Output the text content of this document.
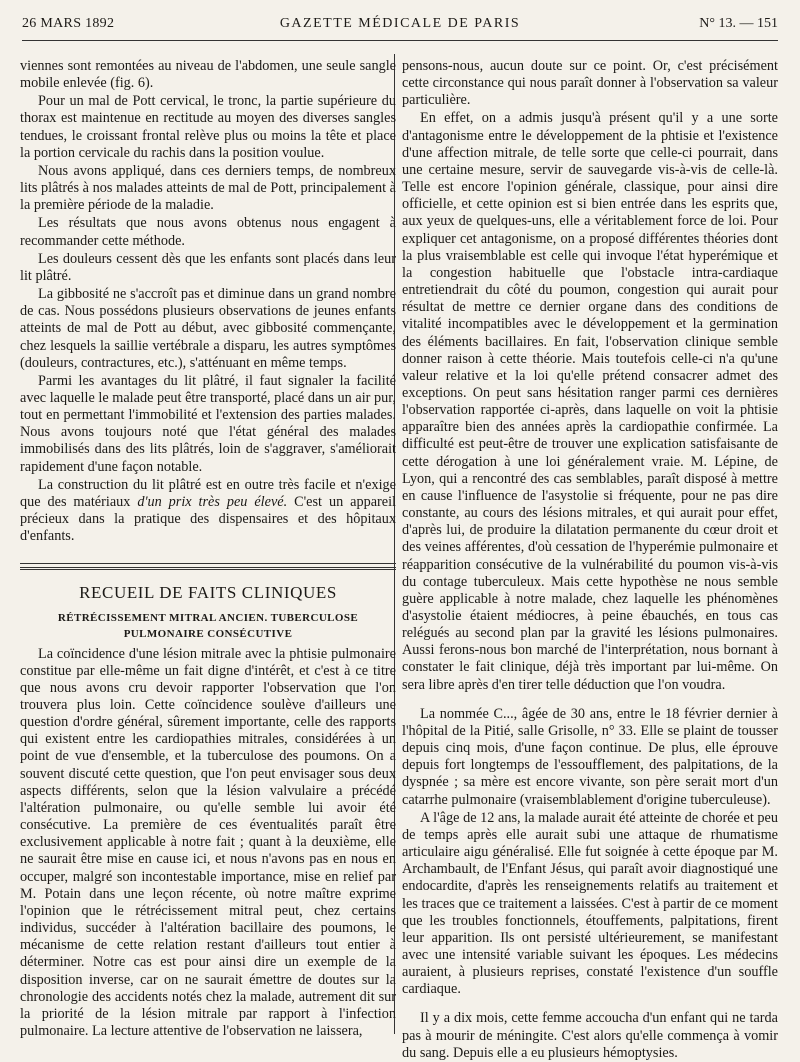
26 MARS 1892	GAZETTE MÉDICALE DE PARIS	N° 13. — 151

viennes sont remontées au niveau de l'abdomen, une seule sangle mobile enlevée (fig. 6).

Pour un mal de Pott cervical, le tronc, la partie supérieure du thorax est maintenue en rectitude au moyen des diverses sangles tendues, le croissant frontal relève plus ou moins la tête et place la portion cervicale du rachis dans la position voulue.

Nous avons appliqué, dans ces derniers temps, de nombreux lits plâtrés à nos malades atteints de mal de Pott, principalement à la première période de la maladie.

Les résultats que nous avons obtenus nous engagent à recommander cette méthode.

Les douleurs cessent dès que les enfants sont placés dans leur lit plâtré.

La gibbosité ne s'accroît pas et diminue dans un grand nombre de cas. Nous possédons plusieurs observations de jeunes enfants atteints de mal de Pott au début, avec gibbosité commençante, chez lesquels la saillie vertébrale a disparu, les autres symptômes (douleurs, contractures, etc.), s'atténuant en même temps.

Parmi les avantages du lit plâtré, il faut signaler la facilité avec laquelle le malade peut être transporté, placé dans un air pur, tout en permettant l'immobilité et l'extension des parties malades. Nous avons toujours noté que l'état général des malades immobilisés dans des lits plâtrés, loin de s'aggraver, s'améliorait rapidement d'une façon notable.

La construction du lit plâtré est en outre très facile et n'exige que des matériaux d'un prix très peu élevé. C'est un appareil précieux dans la pratique des dispensaires et des hôpitaux d'enfants.

RECUEIL DE FAITS CLINIQUES
RÉTRÉCISSEMENT MITRAL ANCIEN. TUBERCULOSE PULMONAIRE CONSÉCUTIVE

La coïncidence d'une lésion mitrale avec la phtisie pulmonaire constitue par elle-même un fait digne d'intérêt, et c'est à ce titre que nous avons cru devoir rapporter l'observation que l'on trouvera plus loin. Cette coïncidence soulève d'ailleurs une question d'ordre général, sûrement importante, celle des rapports qui existent entre les cardiopathies mitrales, considérées à un point de vue d'ensemble, et la tuberculose des poumons. On a souvent discuté cette question, que l'on peut envisager sous deux aspects différents, selon que la lésion valvulaire a précédé l'altération pulmonaire, ou qu'elle semble lui avoir été consécutive. La première de ces éventualités paraît être exclusivement applicable à notre fait ; quant à la deuxième, elle ne saurait être mise en cause ici, et nous n'avons pas en nous en occuper, malgré son incontestable importance, mise en relief par M. Potain dans une leçon récente, où notre maître exprime l'opinion que le rétrécissement mitral peut, chez certains individus, succéder à l'altération bacillaire des poumons, le mécanisme de cette relation restant d'ailleurs tout entier à déterminer. Notre cas est pour ainsi dire un exemple de la disposition inverse, car on ne saurait émettre de doutes sur la chronologie des accidents notés chez la malade, autrement dit sur la priorité de la lésion mitrale par rapport à l'infection pulmonaire. La lecture attentive de l'observation ne laissera,

pensons-nous, aucun doute sur ce point. Or, c'est précisément cette circonstance qui nous paraît donner à l'observation sa valeur particulière.

En effet, on a admis jusqu'à présent qu'il y a une sorte d'antagonisme entre le développement de la phtisie et l'existence d'une affection mitrale, de telle sorte que celle-ci pourrait, dans une certaine mesure, servir de sauvegarde vis-à-vis de celle-là. Telle est encore l'opinion générale, classique, pour ainsi dire officielle, et cette opinion est si bien entrée dans les esprits que, aux yeux de quelques-uns, elle a véritablement force de loi. Pour expliquer cet antagonisme, on a proposé différentes théories dont la plus vraisemblable est celle qui invoque l'état hyperémique et la congestion habituelle que l'obstacle intra-cardiaque entretiendrait du côté du poumon, congestion qui aurait pour résultat de mettre ce dernier organe dans des conditions de vitalité incompatibles avec le développement et la germination des éléments bacillaires. En fait, l'observation clinique semble donner raison à cette théorie. Mais toutefois celle-ci n'a qu'une valeur relative et la loi qu'elle prétend consacrer admet des exceptions. On peut sans hésitation ranger parmi ces dernières l'observation rapportée ci-après, dans laquelle on voit la phtisie apparaître bien des années après la cardiopathie confirmée. La difficulté est peut-être de trouver une explication satisfaisante de cette dérogation à une loi généralement vraie. M. Lépine, de Lyon, qui a rencontré des cas semblables, paraît disposé à mettre en cause l'influence de l'asystolie si fréquente, pour ne pas dire constante, au cours des lésions mitrales, et qui aurait pour effet, d'après lui, de produire la dilatation permanente du cœur droit et des veines afférentes, d'où cessation de l'hyperémie pulmonaire et réapparition consécutive de la vulnérabilité du poumon vis-à-vis du contage tuberculeux. Mais cette hypothèse ne nous semble guère applicable à notre malade, chez laquelle les phénomènes d'asystolie étaient médiocres, à peine ébauchés, en tous cas relégués au second plan par la gravité les lésions pulmonaires. Aussi ferons-nous bon marché de l'interprétation, nous bornant à constater le fait clinique, déjà très important par lui-même. On sera libre après d'en tirer telle déduction que l'on voudra.

La nommée C..., âgée de 30 ans, entre le 18 février dernier à l'hôpital de la Pitié, salle Grisolle, n° 33. Elle se plaint de tousser depuis cinq mois, d'une façon continue. De plus, elle éprouve depuis fort longtemps de l'essoufflement, des palpitations, de la dyspnée ; sa mère est encore vivante, son père serait mort d'un catarrhe pulmonaire (vraisemblablement d'origine tuberculeuse).

A l'âge de 12 ans, la malade aurait été atteinte de chorée et peu de temps après elle aurait subi une attaque de rhumatisme articulaire aigu généralisé. Elle fut soignée à cette époque par M. Archambault, de l'Enfant Jésus, qui paraît avoir diagnostiqué une endocardite, d'après les renseignements relatifs au traitement et les traces que ce traitement a laissées. C'est à partir de ce moment que les troubles fonctionnels, étouffements, palpitations, firent leur apparition. Ils ont persisté ultérieurement, se manifestant avec une intensité variable suivant les époques. Les médecins auraient, à plusieurs reprises, constaté l'existence d'un souffle cardiaque.

Il y a dix mois, cette femme accoucha d'un enfant qui ne tarda pas à mourir de méningite. C'est alors qu'elle commença à vomir du sang. Depuis elle a eu plusieurs hémoptysies.
